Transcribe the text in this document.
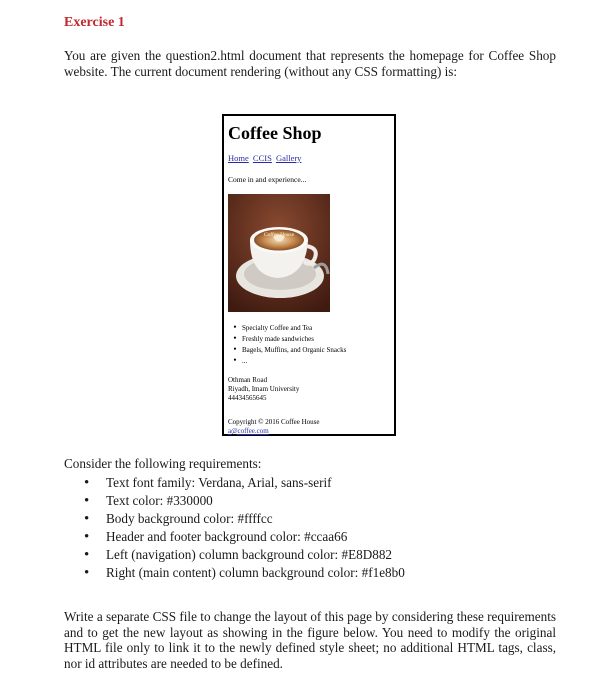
Exercise 1

You are given the question2.html document that represents the homepage for Coffee Shop website. The current document rendering (without any CSS formatting) is:

Coffee Shop
Home CCIS Gallery
Come in and experience...
Coffee House
• Specialty Coffee and Tea
• Freshly made sandwiches
• Bagels, Muffins, and Organic Snacks
• ...
Othman Road
Riyadh, Imam University
44434565645
Copyright © 2016 Coffee House
a@coffee.com

Consider the following requirements:

• Text font family: Verdana, Arial, sans-serif
• Text color: #330000
• Body background color: #ffffcc
• Header and footer background color: #ccaa66
• Left (navigation) column background color: #E8D882
• Right (main content) column background color: #f1e8b0

Write a separate CSS file to change the layout of this page by considering these requirements and to get the new layout as showing in the figure below. You need to modify the original HTML file only to link it to the newly defined style sheet; no additional HTML tags, class, nor id attributes are needed to be defined.
